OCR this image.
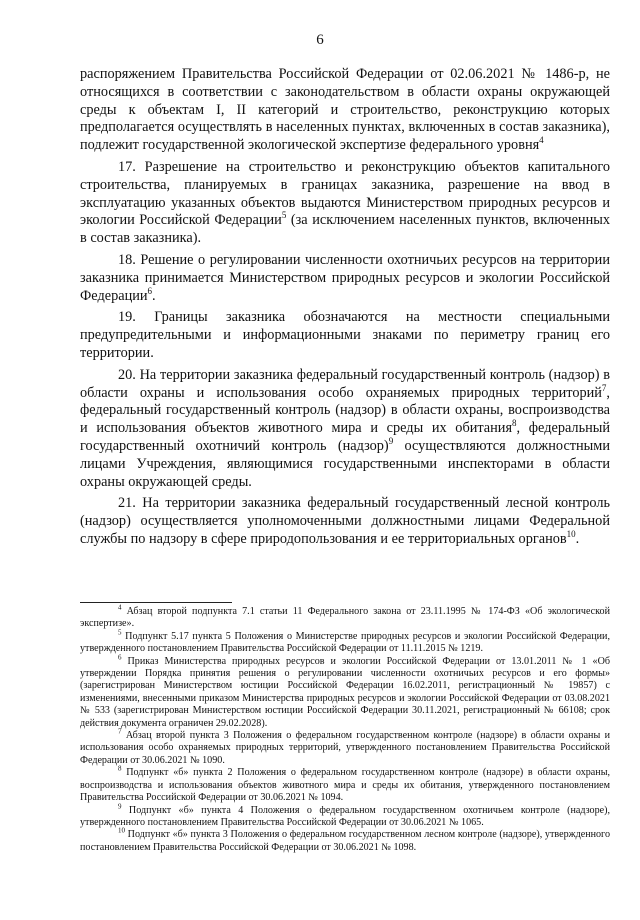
6

распоряжением Правительства Российской Федерации от 02.06.2021 № 1486-р, не относящихся в соответствии с законодательством в области охраны окружающей среды к объектам I, II категорий и строительство, реконструкцию которых предполагается осуществлять в населенных пунктах, включенных в состав заказника), подлежит государственной экологической экспертизе федерального уровня$^4$

17. Разрешение на строительство и реконструкцию объектов капитального строительства, планируемых в границах заказника, разрешение на ввод в эксплуатацию указанных объектов выдаются Министерством природных ресурсов и экологии Российской Федерации$^5$ (за исключением населенных пунктов, включенных в состав заказника).

18. Решение о регулировании численности охотничьих ресурсов на территории заказника принимается Министерством природных ресурсов и экологии Российской Федерации$^6$.

19. Границы заказника обозначаются на местности специальными предупредительными и информационными знаками по периметру границ его территории.

20. На территории заказника федеральный государственный контроль (надзор) в области охраны и использования особо охраняемых природных территорий$^7$, федеральный государственный контроль (надзор) в области охраны, воспроизводства и использования объектов животного мира и среды их обитания$^8$, федеральный государственный охотничий контроль (надзор)$^9$ осуществляются должностными лицами Учреждения, являющимися государственными инспекторами в области охраны окружающей среды.

21. На территории заказника федеральный государственный лесной контроль (надзор) осуществляется уполномоченными должностными лицами Федеральной службы по надзору в сфере природопользования и ее территориальных органов$^{10}$.

$^4$ Абзац второй подпункта 7.1 статьи 11 Федерального закона от 23.11.1995 № 174-ФЗ «Об экологической экспертизе».

$^5$ Подпункт 5.17 пункта 5 Положения о Министерстве природных ресурсов и экологии Российской Федерации, утвержденного постановлением Правительства Российской Федерации от 11.11.2015 № 1219.

$^6$ Приказ Министерства природных ресурсов и экологии Российской Федерации от 13.01.2011 № 1 «Об утверждении Порядка принятия решения о регулировании численности охотничьих ресурсов и его формы» (зарегистрирован Министерством юстиции Российской Федерации 16.02.2011, регистрационный № 19857) с изменениями, внесенными приказом Министерства природных ресурсов и экологии Российской Федерации от 03.08.2021 № 533 (зарегистрирован Министерством юстиции Российской Федерации 30.11.2021, регистрационный № 66108; срок действия документа ограничен 29.02.2028).

$^7$ Абзац второй пункта 3 Положения о федеральном государственном контроле (надзоре) в области охраны и использования особо охраняемых природных территорий, утвержденного постановлением Правительства Российской Федерации от 30.06.2021 № 1090.

$^8$ Подпункт «б» пункта 2 Положения о федеральном государственном контроле (надзоре) в области охраны, воспроизводства и использования объектов животного мира и среды их обитания, утвержденного постановлением Правительства Российской Федерации от 30.06.2021 № 1094.

$^9$ Подпункт «б» пункта 4 Положения о федеральном государственном охотничьем контроле (надзоре), утвержденного постановлением Правительства Российской Федерации от 30.06.2021 № 1065.

$^{10}$ Подпункт «б» пункта 3 Положения о федеральном государственном лесном контроле (надзоре), утвержденного постановлением Правительства Российской Федерации от 30.06.2021 № 1098.
